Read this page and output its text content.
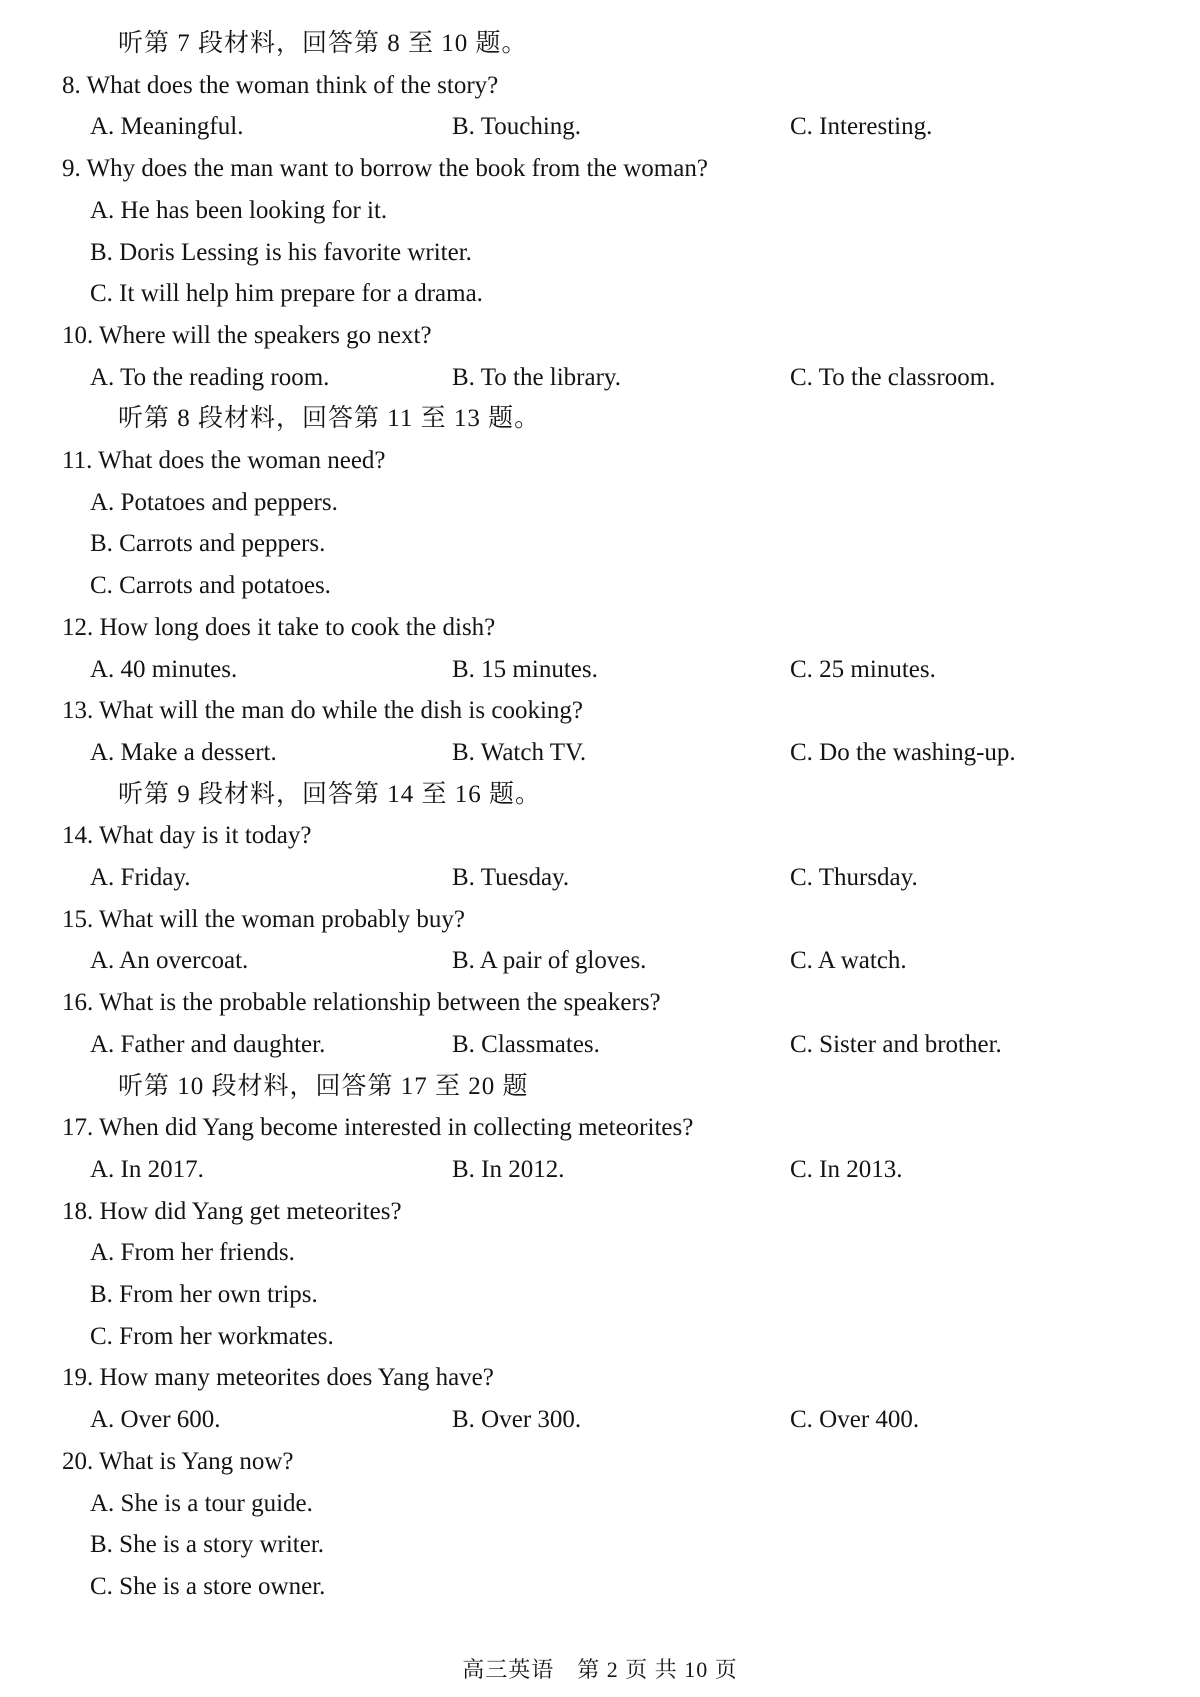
听第 7 段材料，回答第 8 至 10 题。
8. What does the woman think of the story?
A. Meaningful.	B. Touching.	C. Interesting.
9. Why does the man want to borrow the book from the woman?
A. He has been looking for it.
B. Doris Lessing is his favorite writer.
C. It will help him prepare for a drama.
10. Where will the speakers go next?
A. To the reading room.	B. To the library.	C. To the classroom.
听第 8 段材料，回答第 11 至 13 题。
11. What does the woman need?
A. Potatoes and peppers.
B. Carrots and peppers.
C. Carrots and potatoes.
12. How long does it take to cook the dish?
A. 40 minutes.	B. 15 minutes.	C. 25 minutes.
13. What will the man do while the dish is cooking?
A. Make a dessert.	B. Watch TV.	C. Do the washing-up.
听第 9 段材料，回答第 14 至 16 题。
14. What day is it today?
A. Friday.	B. Tuesday.	C. Thursday.
15. What will the woman probably buy?
A. An overcoat.	B. A pair of gloves.	C. A watch.
16. What is the probable relationship between the speakers?
A. Father and daughter.	B. Classmates.	C. Sister and brother.
听第 10 段材料，回答第 17 至 20 题
17. When did Yang become interested in collecting meteorites?
A. In 2017.	B. In 2012.	C. In 2013.
18. How did Yang get meteorites?
A. From her friends.
B. From her own trips.
C. From her workmates.
19. How many meteorites does Yang have?
A. Over 600.	B. Over 300.	C. Over 400.
20. What is Yang now?
A. She is a tour guide.
B. She is a story writer.
C. She is a store owner.
高三英语　第 2 页 共 10 页
